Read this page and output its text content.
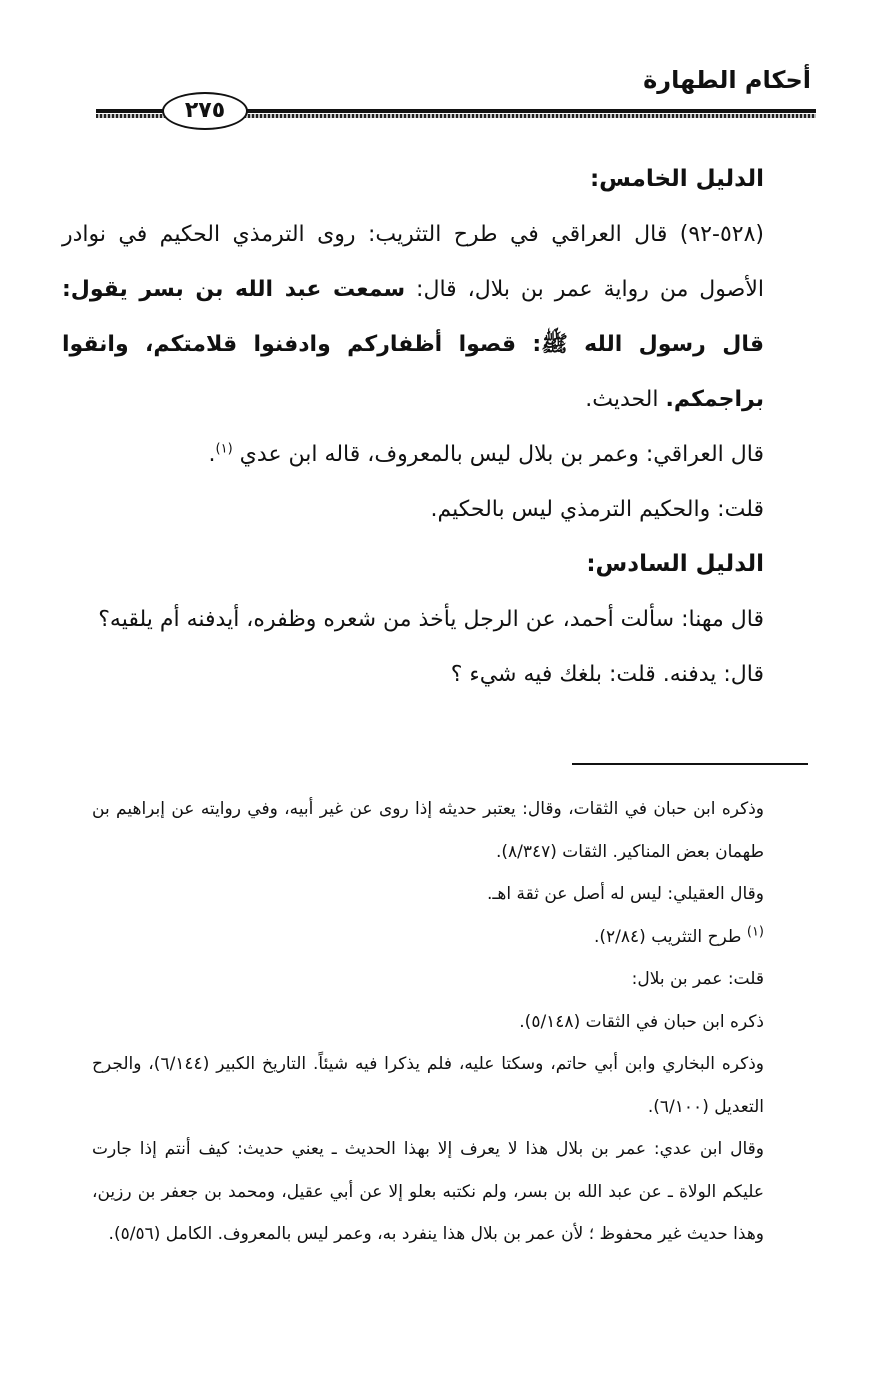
أحكام الطهارة
٢٧٥

الدليل الخامس:

(٥٢٨-٩٢) قال العراقي في طرح التثريب: روى الترمذي الحكيم في نوادر الأصول من رواية عمر بن بلال، قال: سمعت عبد الله بن بسر يقول: قال رسول الله ﷺ: قصوا أظفاركم وادفنوا قلامتكم، وانقوا براجمكم. الحديث.

قال العراقي: وعمر بن بلال ليس بالمعروف، قاله ابن عدي $^{(١)}$.

قلت: والحكيم الترمذي ليس بالحكيم.

الدليل السادس:

قال مهنا: سألت أحمد، عن الرجل يأخذ من شعره وظفره، أيدفنه أم يلقيه؟

قال: يدفنه. قلت: بلغك فيه شيء ؟

وذكره ابن حبان في الثقات، وقال: يعتبر حديثه إذا روى عن غير أبيه، وفي روايته عن إبراهيم بن طهمان بعض المناكير. الثقات (٨/٣٤٧).

وقال العقيلي: ليس له أصل عن ثقة اهـ.

$^{(١)}$ طرح التثريب (٢/٨٤).

قلت: عمر بن بلال:

ذكره ابن حبان في الثقات (٥/١٤٨).

وذكره البخاري وابن أبي حاتم، وسكتا عليه، فلم يذكرا فيه شيئاً. التاريخ الكبير (٦/١٤٤)، والجرح التعديل (٦/١٠٠).

وقال ابن عدي: عمر بن بلال هذا لا يعرف إلا بهذا الحديث ـ يعني حديث: كيف أنتم إذا جارت عليكم الولاة ـ عن عبد الله بن بسر، ولم نكتبه بعلو إلا عن أبي عقيل، ومحمد بن جعفر بن رزين، وهذا حديث غير محفوظ ؛ لأن عمر بن بلال هذا ينفرد به، وعمر ليس بالمعروف. الكامل (٥/٥٦).
